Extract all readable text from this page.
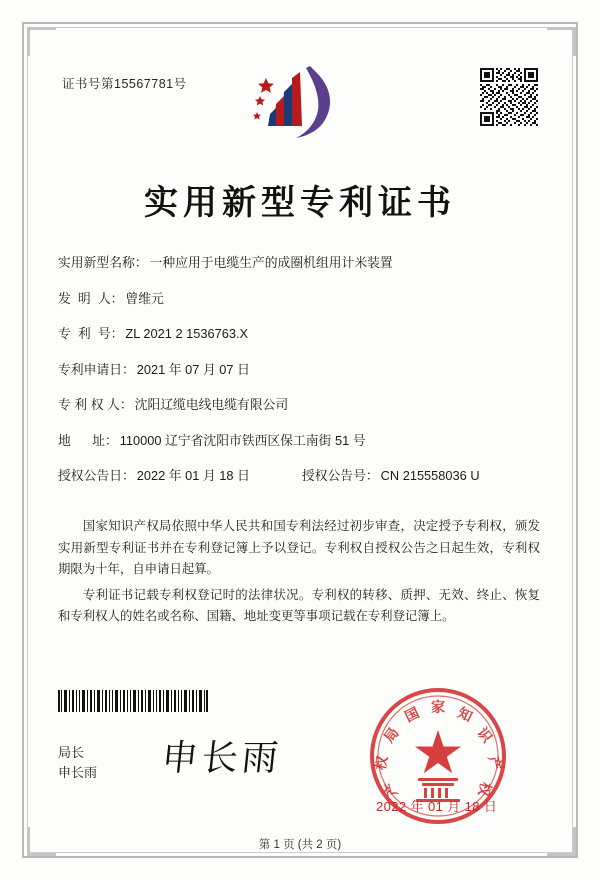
证书号第15567781号
实用新型专利证书
实用新型名称： 一种应用于电缆生产的成圈机组用计米装置
发  明  人： 曾维元
专  利  号： ZL 2021 2 1536763.X
专利申请日： 2021 年 07 月 07 日
专 利 权 人： 沈阳辽缆电线电缆有限公司
地      址： 110000 辽宁省沈阳市铁西区保工南街 51 号
授权公告日： 2022 年 01 月 18 日	授权公告号： CN 215558036 U

国家知识产权局依照中华人民共和国专利法经过初步审查，决定授予专利权，颁发实用新型专利证书并在专利登记簿上予以登记。专利权自授权公告之日起生效，专利权期限为十年，自申请日起算。

专利证书记载专利权登记时的法律状况。专利权的转移、质押、无效、终止、恢复和专利权人的姓名或名称、国籍、地址变更等事项记载在专利登记簿上。

局长
申长雨 申长雨
家
国 知
局	识
权	产
产	权
2022 年 01 月 18 日
第 1 页 (共 2 页)
